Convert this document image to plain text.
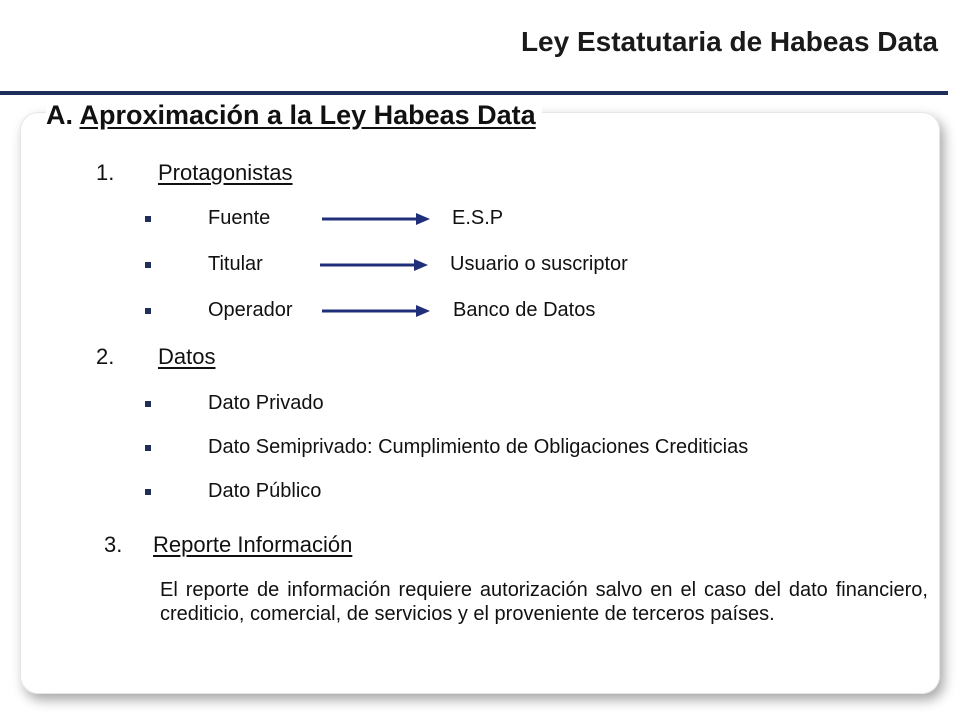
Ley Estatutaria de Habeas Data
A. Aproximación a la Ley Habeas Data
1. Protagonistas
Fuente	E.S.P
Titular	Usuario o suscriptor
Operador	Banco de Datos
2. Datos
Dato Privado
Dato Semiprivado: Cumplimiento de Obligaciones Crediticias
Dato Público
3. Reporte Información
El reporte de información requiere autorización salvo en el caso del dato financiero, crediticio, comercial, de servicios y el proveniente de terceros países.
